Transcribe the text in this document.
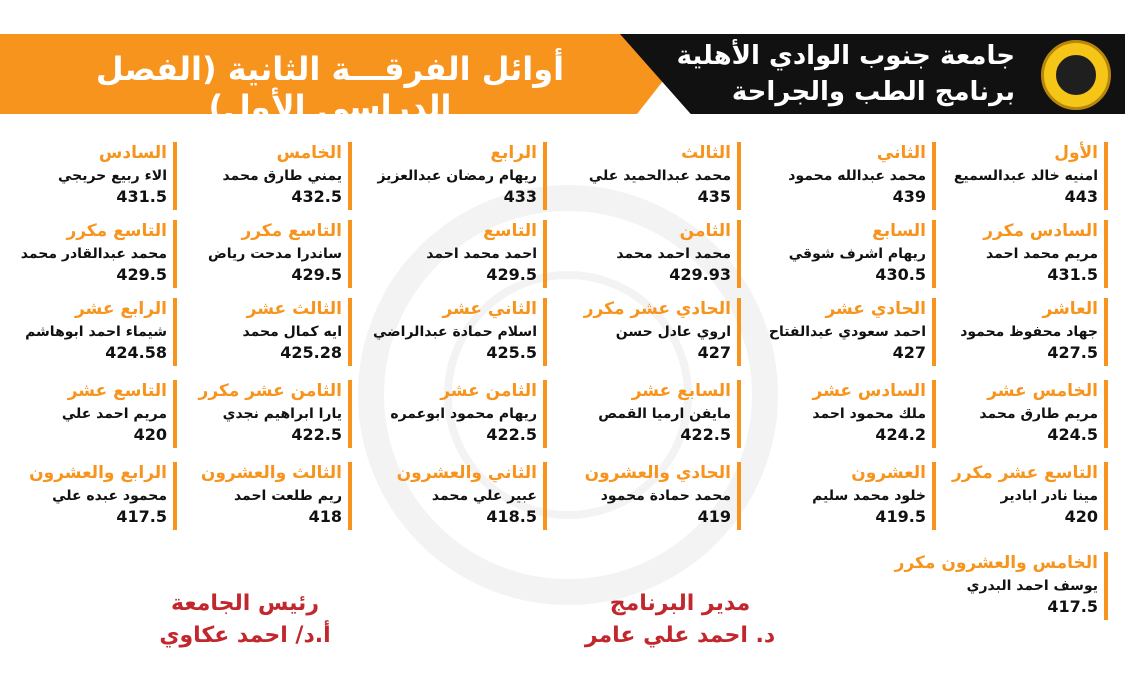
أوائل الفرقـــة الثانية (الفصل الدراسي الأول)
جامعة جنوب الوادي الأهلية
برنامج الطب والجراحة
الأول
امنيه خالد عبدالسميع
443
السادس مكرر
مريم محمد احمد
431.5
العاشر
جهاد محفوظ محمود
427.5
الخامس عشر
مريم طارق محمد
424.5
التاسع عشر مكرر
مينا نادر ابادير
420
الخامس والعشرون مكرر
يوسف احمد البدري
417.5
الثاني
محمد عبدالله محمود
439
السابع
ريهام اشرف شوقي
430.5
الحادي عشر
احمد سعودي عبدالفتاح
427
السادس عشر
ملك محمود احمد
424.2
العشرون
خلود محمد سليم
419.5
الثالث
محمد عبدالحميد علي
435
الثامن
محمد احمد محمد
429.93
الحادي عشر مكرر
اروي عادل حسن
427
السابع عشر
مايفن ارميا القمص
422.5
الحادي والعشرون
محمد حمادة محمود
419
الرابع
ريهام رمضان عبدالعزيز
433
التاسع
احمد محمد احمد
429.5
الثاني عشر
اسلام حمادة عبدالراضي
425.5
الثامن عشر
ريهام محمود ابوعمره
422.5
الثاني والعشرون
عبير علي محمد
418.5
الخامس
يمني طارق محمد
432.5
التاسع مكرر
ساندرا مدحت رياض
429.5
الثالث عشر
ايه كمال محمد
425.28
الثامن عشر مكرر
يارا ابراهيم نجدي
422.5
الثالث والعشرون
ريم طلعت احمد
418
السادس
الاء ربيع حريجي
431.5
التاسع مكرر
محمد عبدالقادر محمد
429.5
الرابع عشر
شيماء احمد ابوهاشم
424.58
التاسع عشر
مريم احمد علي
420
الرابع والعشرون
محمود عبده علي
417.5
مدير البرنامج
د. احمد علي عامر
رئيس الجامعة
أ.د/ احمد عكاوي
